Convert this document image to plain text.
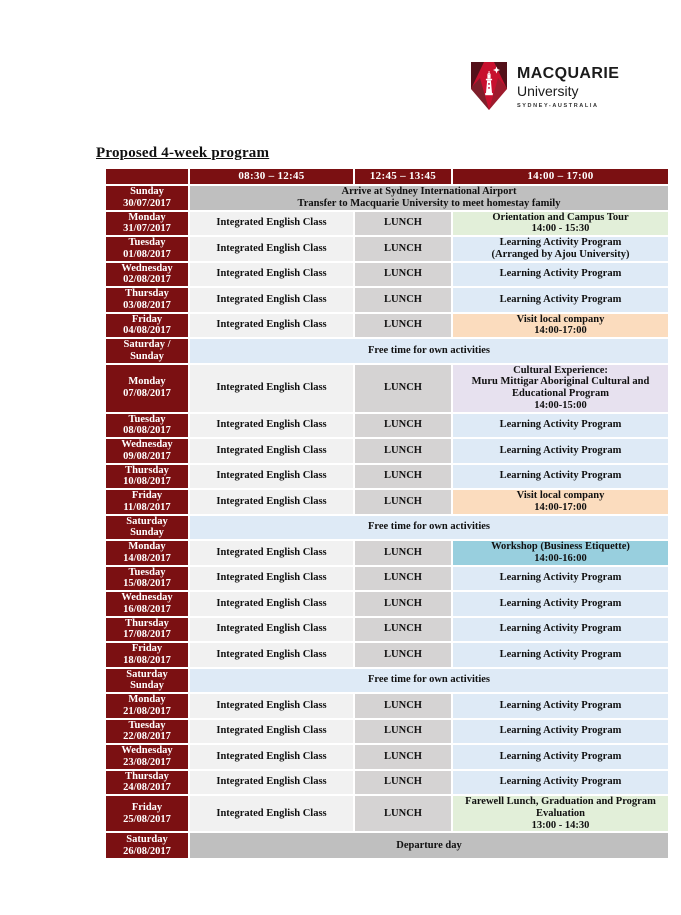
MACQUARIE
University
SYDNEY-AUSTRALIA
Proposed 4-week program
	08:30 – 12:45	12:45 – 13:45	14:00 – 17:00

Sunday
30/07/2017	Arrive at Sydney International Airport
Transfer to Macquarie University to meet homestay family		

Monday
31/07/2017	Integrated English Class	LUNCH	Orientation and Campus Tour
14:00 - 15:30

Tuesday
01/08/2017	Integrated English Class	LUNCH	Learning Activity Program
(Arranged by Ajou University)

Wednesday
02/08/2017	Integrated English Class	LUNCH	Learning Activity Program

Thursday
03/08/2017	Integrated English Class	LUNCH	Learning Activity Program

Friday
04/08/2017	Integrated English Class	LUNCH	Visit local company
14:00-17:00

Saturday /
Sunday	Free time for own activities		

Monday
07/08/2017	Integrated English Class	LUNCH	Cultural Experience:
Muru Mittigar Aboriginal Cultural and
Educational Program
14:00-15:00

Tuesday
08/08/2017	Integrated English Class	LUNCH	Learning Activity Program

Wednesday
09/08/2017	Integrated English Class	LUNCH	Learning Activity Program

Thursday
10/08/2017	Integrated English Class	LUNCH	Learning Activity Program

Friday
11/08/2017	Integrated English Class	LUNCH	Visit local company
14:00-17:00

Saturday
Sunday	Free time for own activities		

Monday
14/08/2017	Integrated English Class	LUNCH	Workshop (Business Etiquette)
14:00-16:00

Tuesday
15/08/2017	Integrated English Class	LUNCH	Learning Activity Program

Wednesday
16/08/2017	Integrated English Class	LUNCH	Learning Activity Program

Thursday
17/08/2017	Integrated English Class	LUNCH	Learning Activity Program

Friday
18/08/2017	Integrated English Class	LUNCH	Learning Activity Program

Saturday
Sunday	Free time for own activities		

Monday
21/08/2017	Integrated English Class	LUNCH	Learning Activity Program

Tuesday
22/08/2017	Integrated English Class	LUNCH	Learning Activity Program

Wednesday
23/08/2017	Integrated English Class	LUNCH	Learning Activity Program

Thursday
24/08/2017	Integrated English Class	LUNCH	Learning Activity Program

Friday
25/08/2017	Integrated English Class	LUNCH	Farewell Lunch, Graduation and Program
Evaluation
13:00 - 14:30

Saturday
26/08/2017	Departure day		
